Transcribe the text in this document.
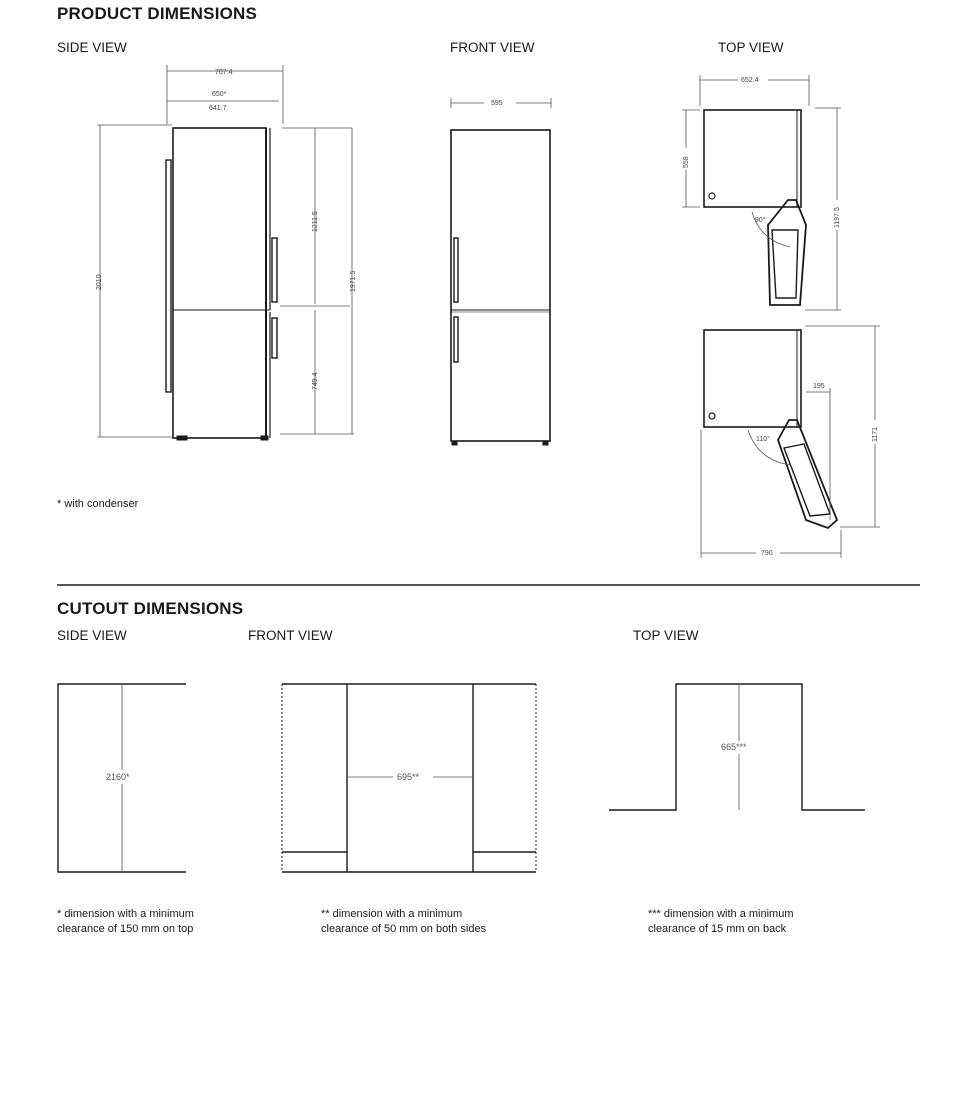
PRODUCT DIMENSIONS
SIDE VIEW	FRONT VIEW	TOP VIEW
* with condenser
CUTOUT DIMENSIONS
SIDE VIEW	FRONT VIEW	TOP VIEW
* dimension with a minimum clearance of 150 mm on top
** dimension with a minimum clearance of 50 mm on both sides
*** dimension with a minimum clearance of 15 mm on back
707.4
650*
641.7
2010
1211.5
1971.5
749.4
595
652.4
558
1197.5
90°
195
1171
110°
790
2160*	695**
665***
